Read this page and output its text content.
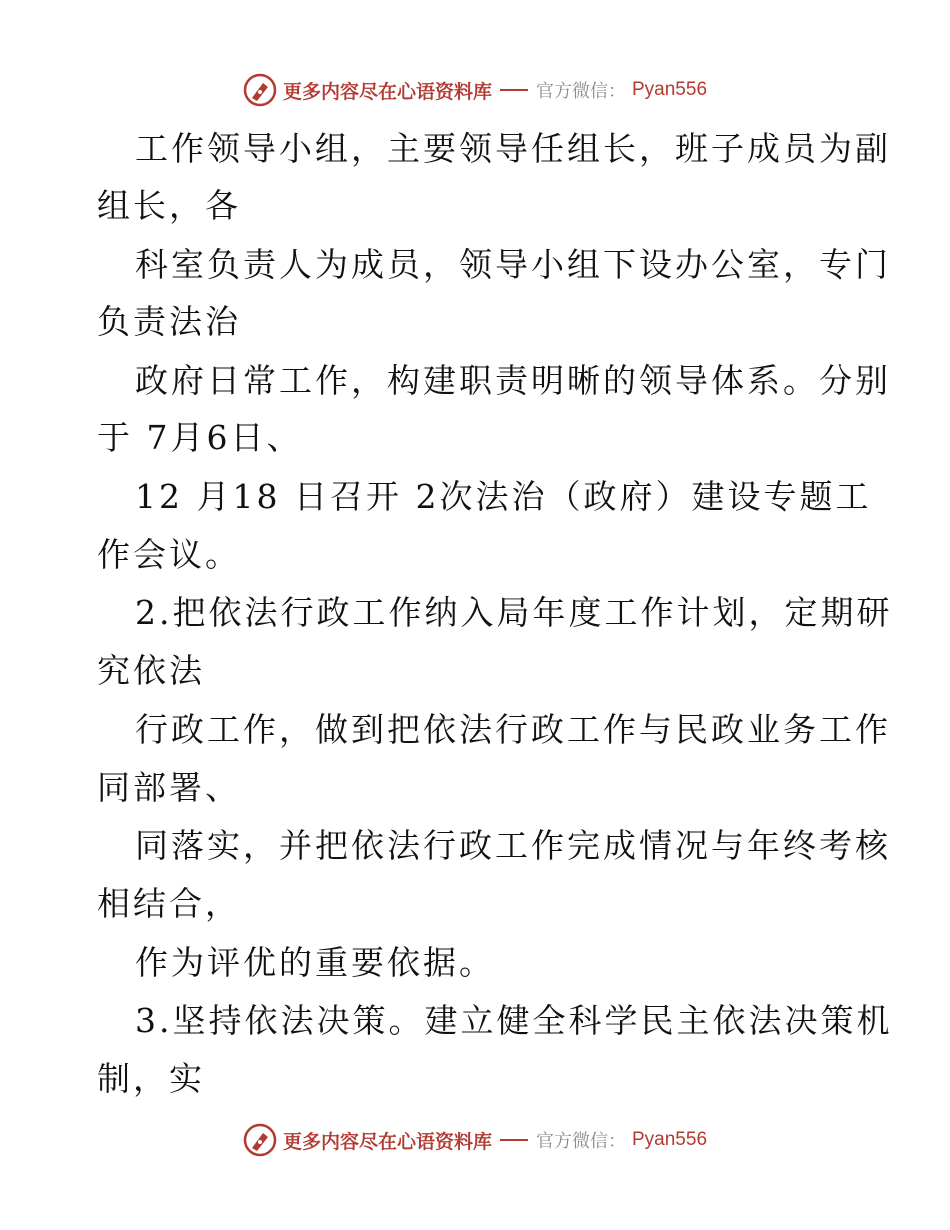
更多内容尽在心语资料库 官方微信： Pyan556
工作领导小组，主要领导任组长，班子成员为副
组长，各
科室负责人为成员，领导小组下设办公室，专门
负责法治
政府日常工作，构建职责明晰的领导体系。分别
于 7月6日、
12 月18 日召开 2次法治（政府）建设专题工
作会议。
2.把依法行政工作纳入局年度工作计划，定期研
究依法
行政工作，做到把依法行政工作与民政业务工作
同部署、
同落实，并把依法行政工作完成情况与年终考核
相结合，
作为评优的重要依据。
3.坚持依法决策。建立健全科学民主依法决策机
制，实
更多内容尽在心语资料库 官方微信： Pyan556
